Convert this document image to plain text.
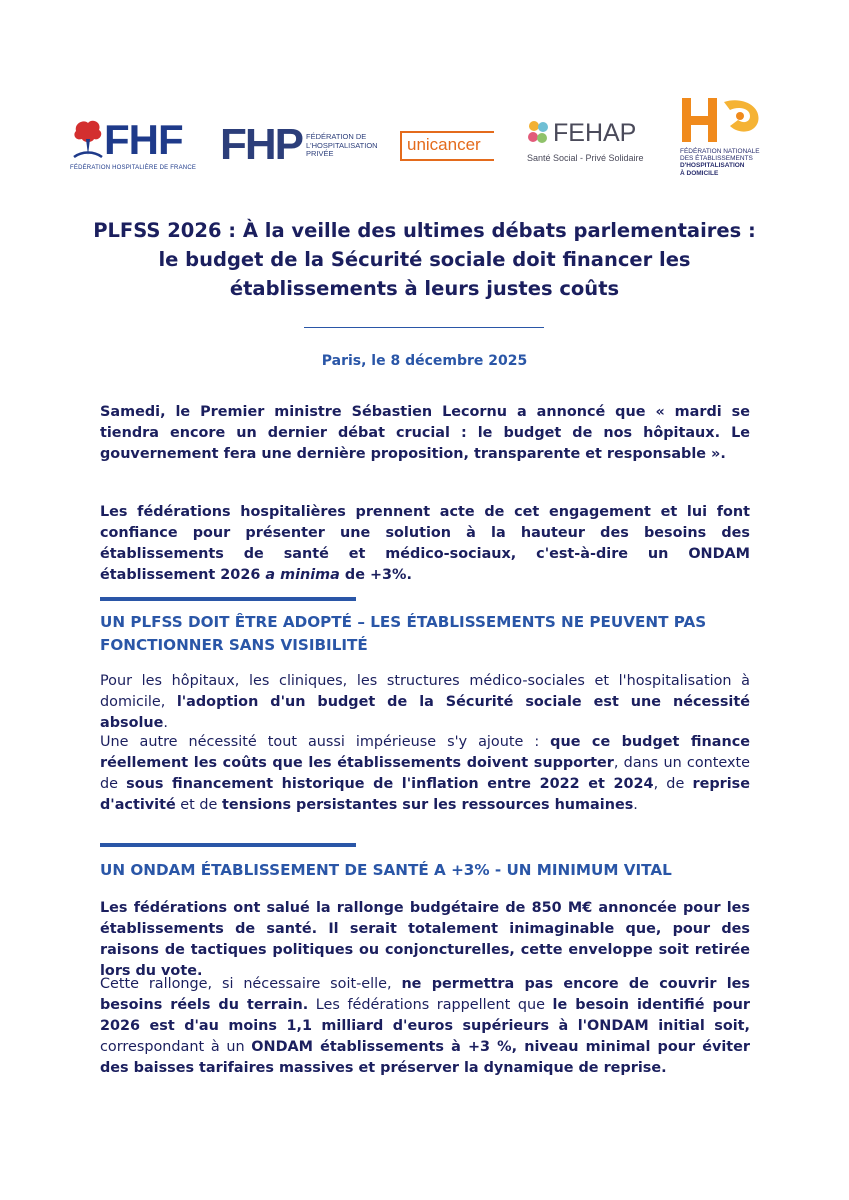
FHF
FÉDÉRATION HOSPITALIÈRE DE FRANCE FHP FÉDÉRATION DE L'HOSPITALISATION PRIVÉE	unicancer	FEHAP
Santé Social - Privé Solidaire
FÉDÉRATION NATIONALE
DES ÉTABLISSEMENTS
D'HOSPITALISATION
À DOMICILE
PLFSS 2026 : À la veille des ultimes débats parlementaires : le budget de la Sécurité sociale doit financer les établissements à leurs justes coûts
Paris, le 8 décembre 2025

Samedi, le Premier ministre Sébastien Lecornu a annoncé que « mardi se tiendra encore un dernier débat crucial : le budget de nos hôpitaux. Le gouvernement fera une dernière proposition, transparente et responsable ».

Les fédérations hospitalières prennent acte de cet engagement et lui font confiance pour présenter une solution à la hauteur des besoins des établissements de santé et médico-sociaux, c'est-à-dire un ONDAM établissement 2026 a minima de +3%.

UN PLFSS DOIT ÊTRE ADOPTÉ – LES ÉTABLISSEMENTS NE PEUVENT PAS FONCTIONNER SANS VISIBILITÉ

Pour les hôpitaux, les cliniques, les structures médico-sociales et l'hospitalisation à domicile, l'adoption d'un budget de la Sécurité sociale est une nécessité absolue.

Une autre nécessité tout aussi impérieuse s'y ajoute : que ce budget finance réellement les coûts que les établissements doivent supporter, dans un contexte de sous financement historique de l'inflation entre 2022 et 2024, de reprise d'activité et de tensions persistantes sur les ressources humaines.

UN ONDAM ÉTABLISSEMENT DE SANTÉ A +3% - UN MINIMUM VITAL

Les fédérations ont salué la rallonge budgétaire de 850 M€ annoncée pour les établissements de santé. Il serait totalement inimaginable que, pour des raisons de tactiques politiques ou conjoncturelles, cette enveloppe soit retirée lors du vote.

Cette rallonge, si nécessaire soit-elle, ne permettra pas encore de couvrir les besoins réels du terrain. Les fédérations rappellent que le besoin identifié pour 2026 est d'au moins 1,1 milliard d'euros supérieurs à l'ONDAM initial soit, correspondant à un ONDAM établissements à +3 %, niveau minimal pour éviter des baisses tarifaires massives et préserver la dynamique de reprise.
